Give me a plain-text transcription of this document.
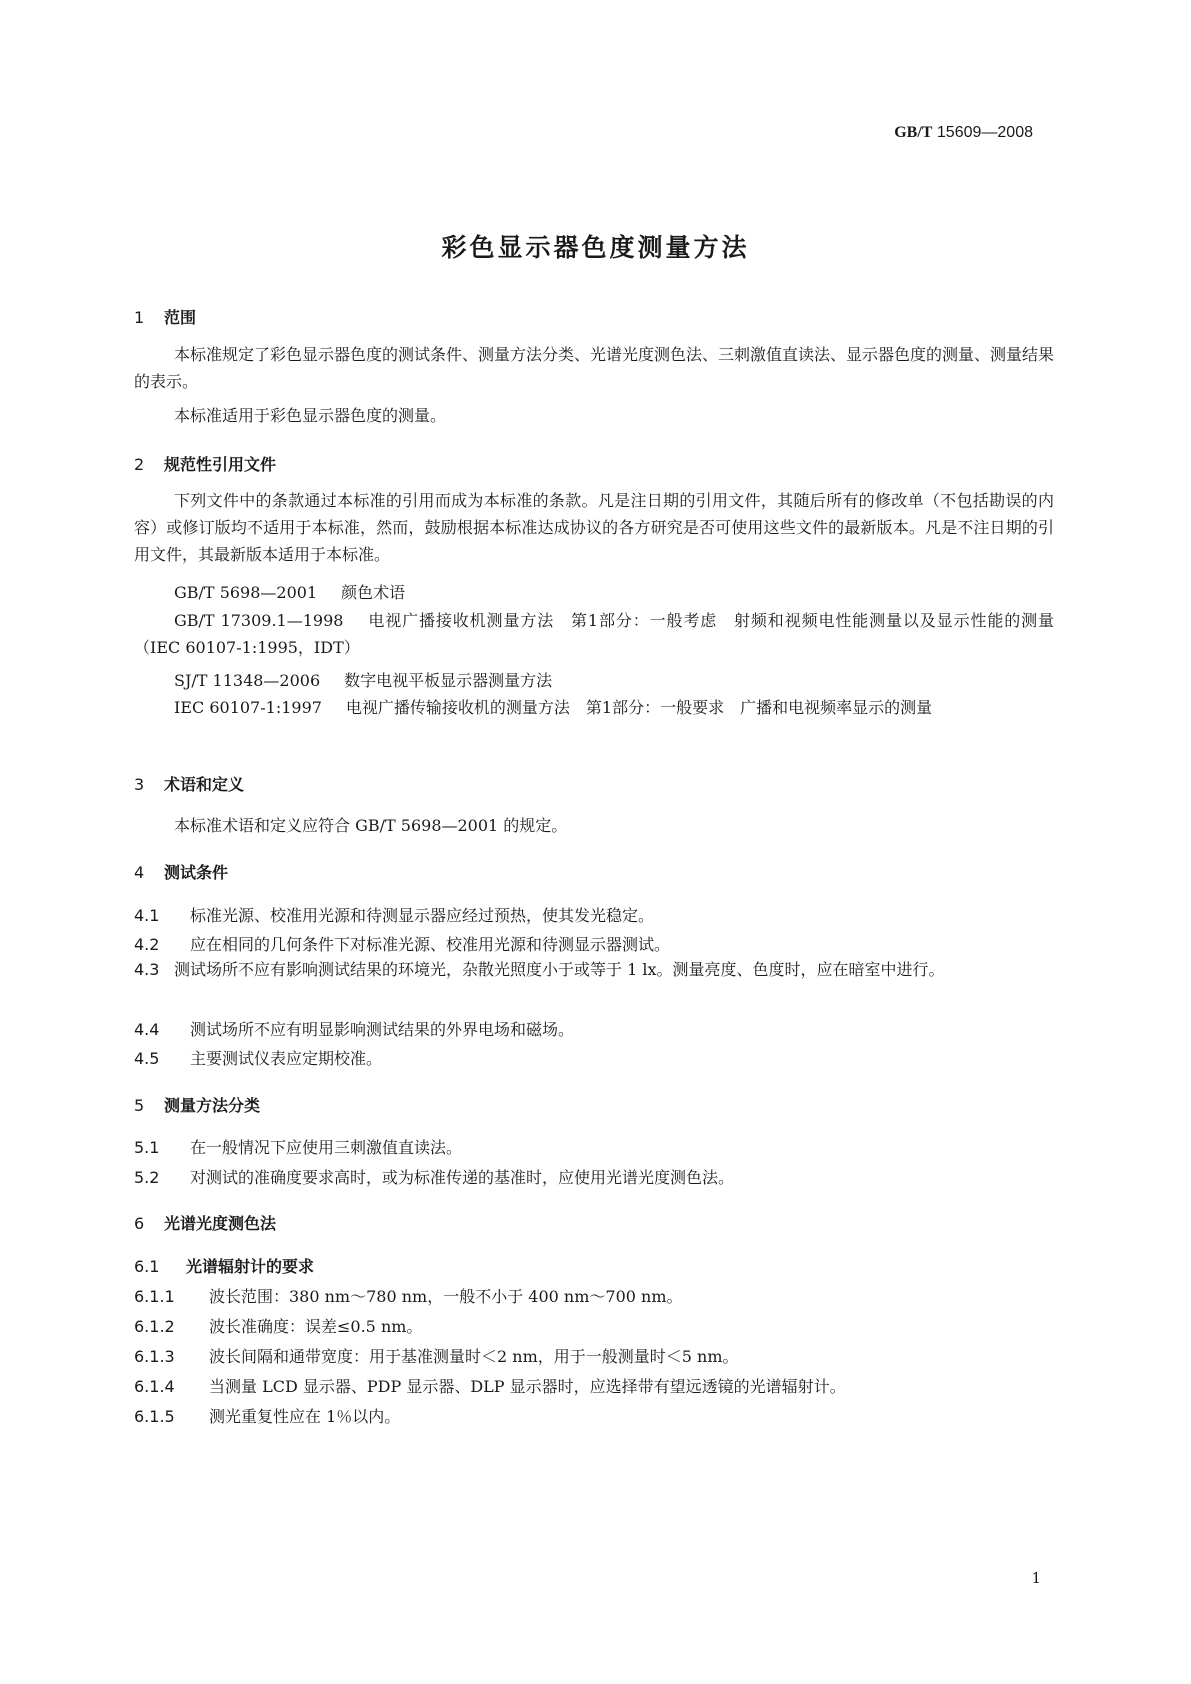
GB/T 15609—2008
彩色显示器色度测量方法
1 范围
本标准规定了彩色显示器色度的测试条件、测量方法分类、光谱光度测色法、三刺激值直读法、显示器色度的测量、测量结果的表示。
本标准适用于彩色显示器色度的测量。
2 规范性引用文件
下列文件中的条款通过本标准的引用而成为本标准的条款。凡是注日期的引用文件，其随后所有的修改单（不包括勘误的内容）或修订版均不适用于本标准，然而，鼓励根据本标准达成协议的各方研究是否可使用这些文件的最新版本。凡是不注日期的引用文件，其最新版本适用于本标准。
GB/T 5698—2001 颜色术语
GB/T 17309.1—1998 电视广播接收机测量方法　第1部分：一般考虑　射频和视频电性能测量以及显示性能的测量（IEC 60107-1:1995，IDT）
SJ/T 11348—2006 数字电视平板显示器测量方法
IEC 60107-1:1997 电视广播传输接收机的测量方法　第1部分：一般要求　广播和电视频率显示的测量
3 术语和定义
本标准术语和定义应符合 GB/T 5698—2001 的规定。
4 测试条件
4.1 标准光源、校准用光源和待测显示器应经过预热，使其发光稳定。
4.2 应在相同的几何条件下对标准光源、校准用光源和待测显示器测试。
4.3 测试场所不应有影响测试结果的环境光，杂散光照度小于或等于 1 lx。测量亮度、色度时，应在暗室中进行。
4.4 测试场所不应有明显影响测试结果的外界电场和磁场。
4.5 主要测试仪表应定期校准。
5 测量方法分类
5.1 在一般情况下应使用三刺激值直读法。
5.2 对测试的准确度要求高时，或为标准传递的基准时，应使用光谱光度测色法。
6 光谱光度测色法
6.1 光谱辐射计的要求
6.1.1 波长范围：380 nm～780 nm，一般不小于 400 nm～700 nm。
6.1.2 波长准确度：误差≤0.5 nm。
6.1.3 波长间隔和通带宽度：用于基准测量时＜2 nm，用于一般测量时＜5 nm。
6.1.4 当测量 LCD 显示器、PDP 显示器、DLP 显示器时，应选择带有望远透镜的光谱辐射计。
6.1.5 测光重复性应在 1％以内。
1
